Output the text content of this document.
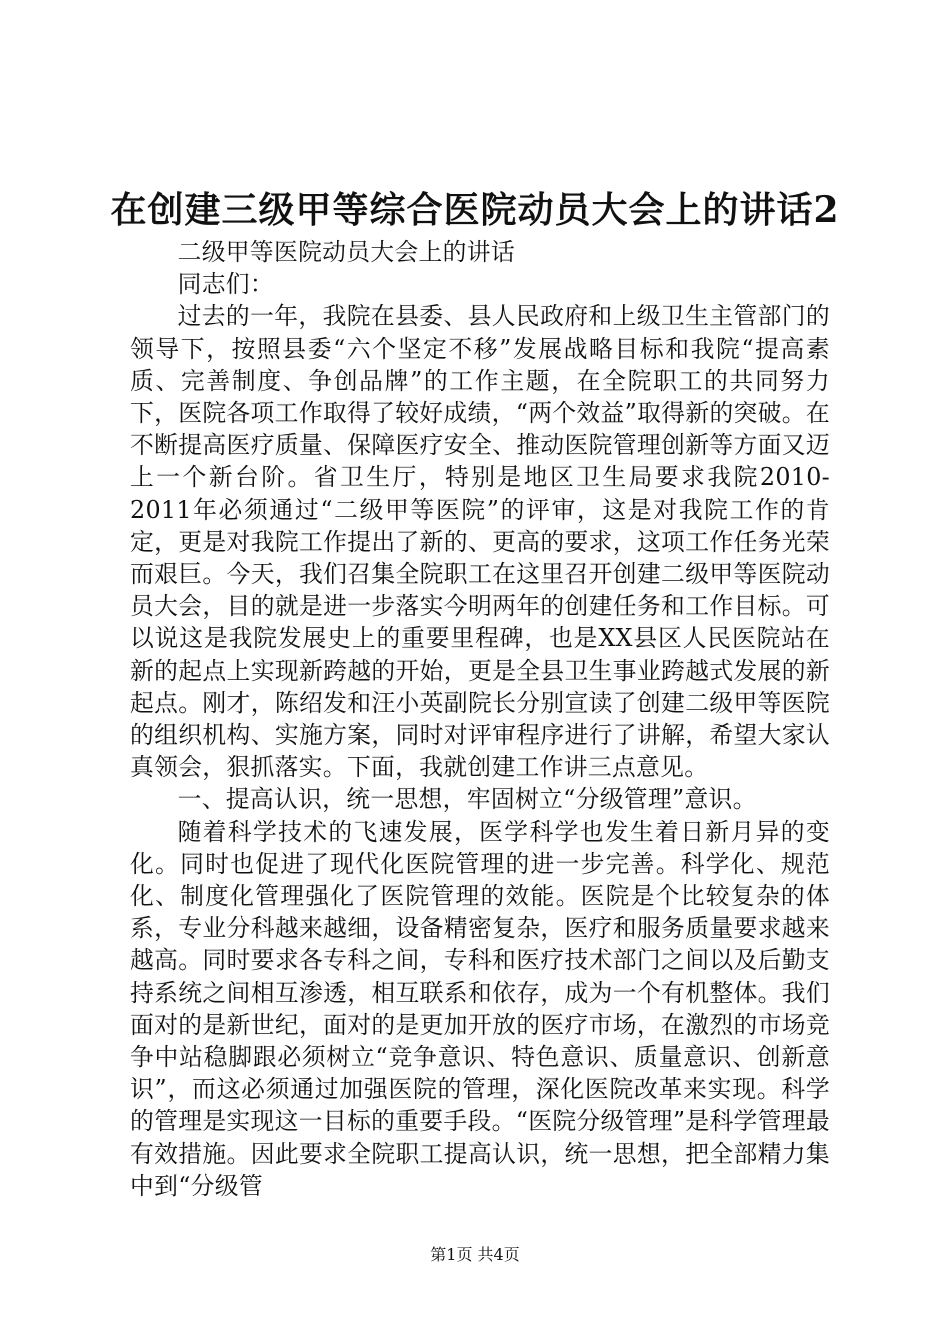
在创建三级甲等综合医院动员大会上的讲话2

二级甲等医院动员大会上的讲话

同志们：

过去的一年，我院在县委、县人民政府和上级卫生主管部门的领导下，按照县委“六个坚定不移”发展战略目标和我院“提高素质、完善制度、争创品牌”的工作主题，在全院职工的共同努力下，医院各项工作取得了较好成绩，“两个效益”取得新的突破。在不断提高医疗质量、保障医疗安全、推动医院管理创新等方面又迈上一个新台阶。省卫生厅，特别是地区卫生局要求我院2010-2011年必须通过“二级甲等医院”的评审，这是对我院工作的肯定，更是对我院工作提出了新的、更高的要求，这项工作任务光荣而艰巨。今天，我们召集全院职工在这里召开创建二级甲等医院动员大会，目的就是进一步落实今明两年的创建任务和工作目标。可以说这是我院发展史上的重要里程碑，也是XX县区人民医院站在新的起点上实现新跨越的开始，更是全县卫生事业跨越式发展的新起点。刚才，陈绍发和汪小英副院长分别宣读了创建二级甲等医院的组织机构、实施方案，同时对评审程序进行了讲解，希望大家认真领会，狠抓落实。下面，我就创建工作讲三点意见。

一、提高认识，统一思想，牢固树立“分级管理”意识。

随着科学技术的飞速发展，医学科学也发生着日新月异的变化。同时也促进了现代化医院管理的进一步完善。科学化、规范化、制度化管理强化了医院管理的效能。医院是个比较复杂的体系，专业分科越来越细，设备精密复杂，医疗和服务质量要求越来越高。同时要求各专科之间，专科和医疗技术部门之间以及后勤支持系统之间相互渗透，相互联系和依存，成为一个有机整体。我们面对的是新世纪，面对的是更加开放的医疗市场，在激烈的市场竞争中站稳脚跟必须树立“竞争意识、特色意识、质量意识、创新意识”，而这必须通过加强医院的管理，深化医院改革来实现。科学的管理是实现这一目标的重要手段。“医院分级管理”是科学管理最有效措施。因此要求全院职工提高认识，统一思想，把全部精力集中到“分级管

第1页 共4页
